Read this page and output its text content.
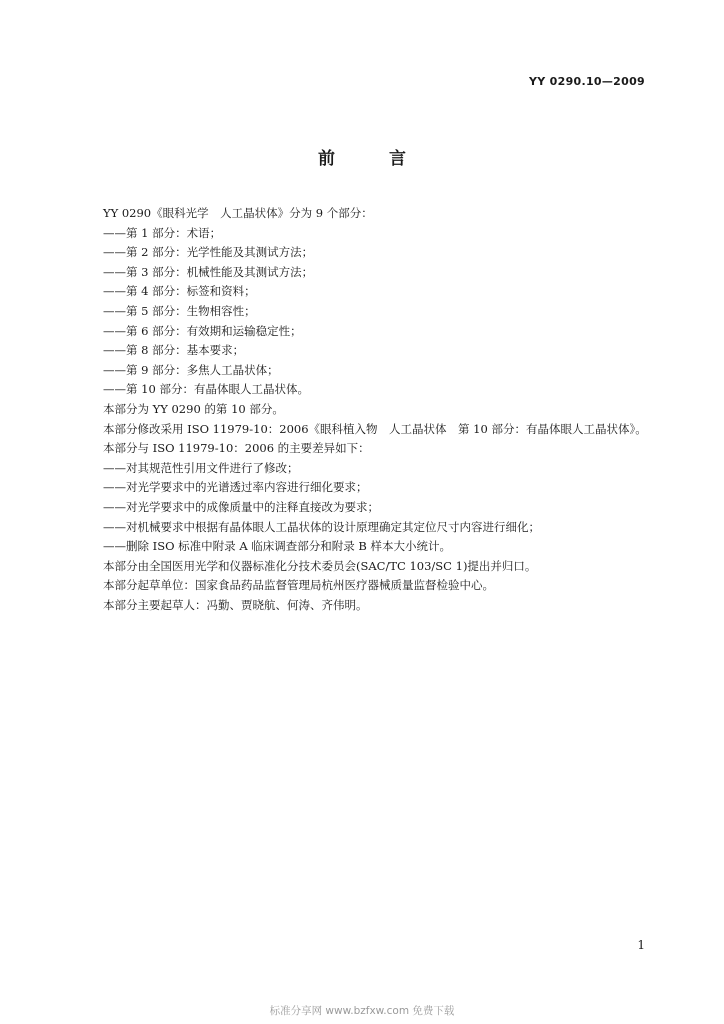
YY 0290.10—2009
前 言

YY 0290《眼科光学　人工晶状体》分为 9 个部分：

——第 1 部分：术语；

——第 2 部分：光学性能及其测试方法；

——第 3 部分：机械性能及其测试方法；

——第 4 部分：标签和资料；

——第 5 部分：生物相容性；

——第 6 部分：有效期和运输稳定性；

——第 8 部分：基本要求；

——第 9 部分：多焦人工晶状体；

——第 10 部分：有晶体眼人工晶状体。

本部分为 YY 0290 的第 10 部分。

本部分修改采用 ISO 11979-10：2006《眼科植入物　人工晶状体　第 10 部分：有晶体眼人工晶状体》。

本部分与 ISO 11979-10：2006 的主要差异如下：

——对其规范性引用文件进行了修改；

——对光学要求中的光谱透过率内容进行细化要求；

——对光学要求中的成像质量中的注释直接改为要求；

——对机械要求中根据有晶体眼人工晶状体的设计原理确定其定位尺寸内容进行细化；

——删除 ISO 标准中附录 A 临床调查部分和附录 B 样本大小统计。

本部分由全国医用光学和仪器标准化分技术委员会(SAC/TC 103/SC 1)提出并归口。

本部分起草单位：国家食品药品监督管理局杭州医疗器械质量监督检验中心。

本部分主要起草人：冯勤、贾晓航、何涛、齐伟明。

1
标准分享网 www.bzfxw.com 免费下载
